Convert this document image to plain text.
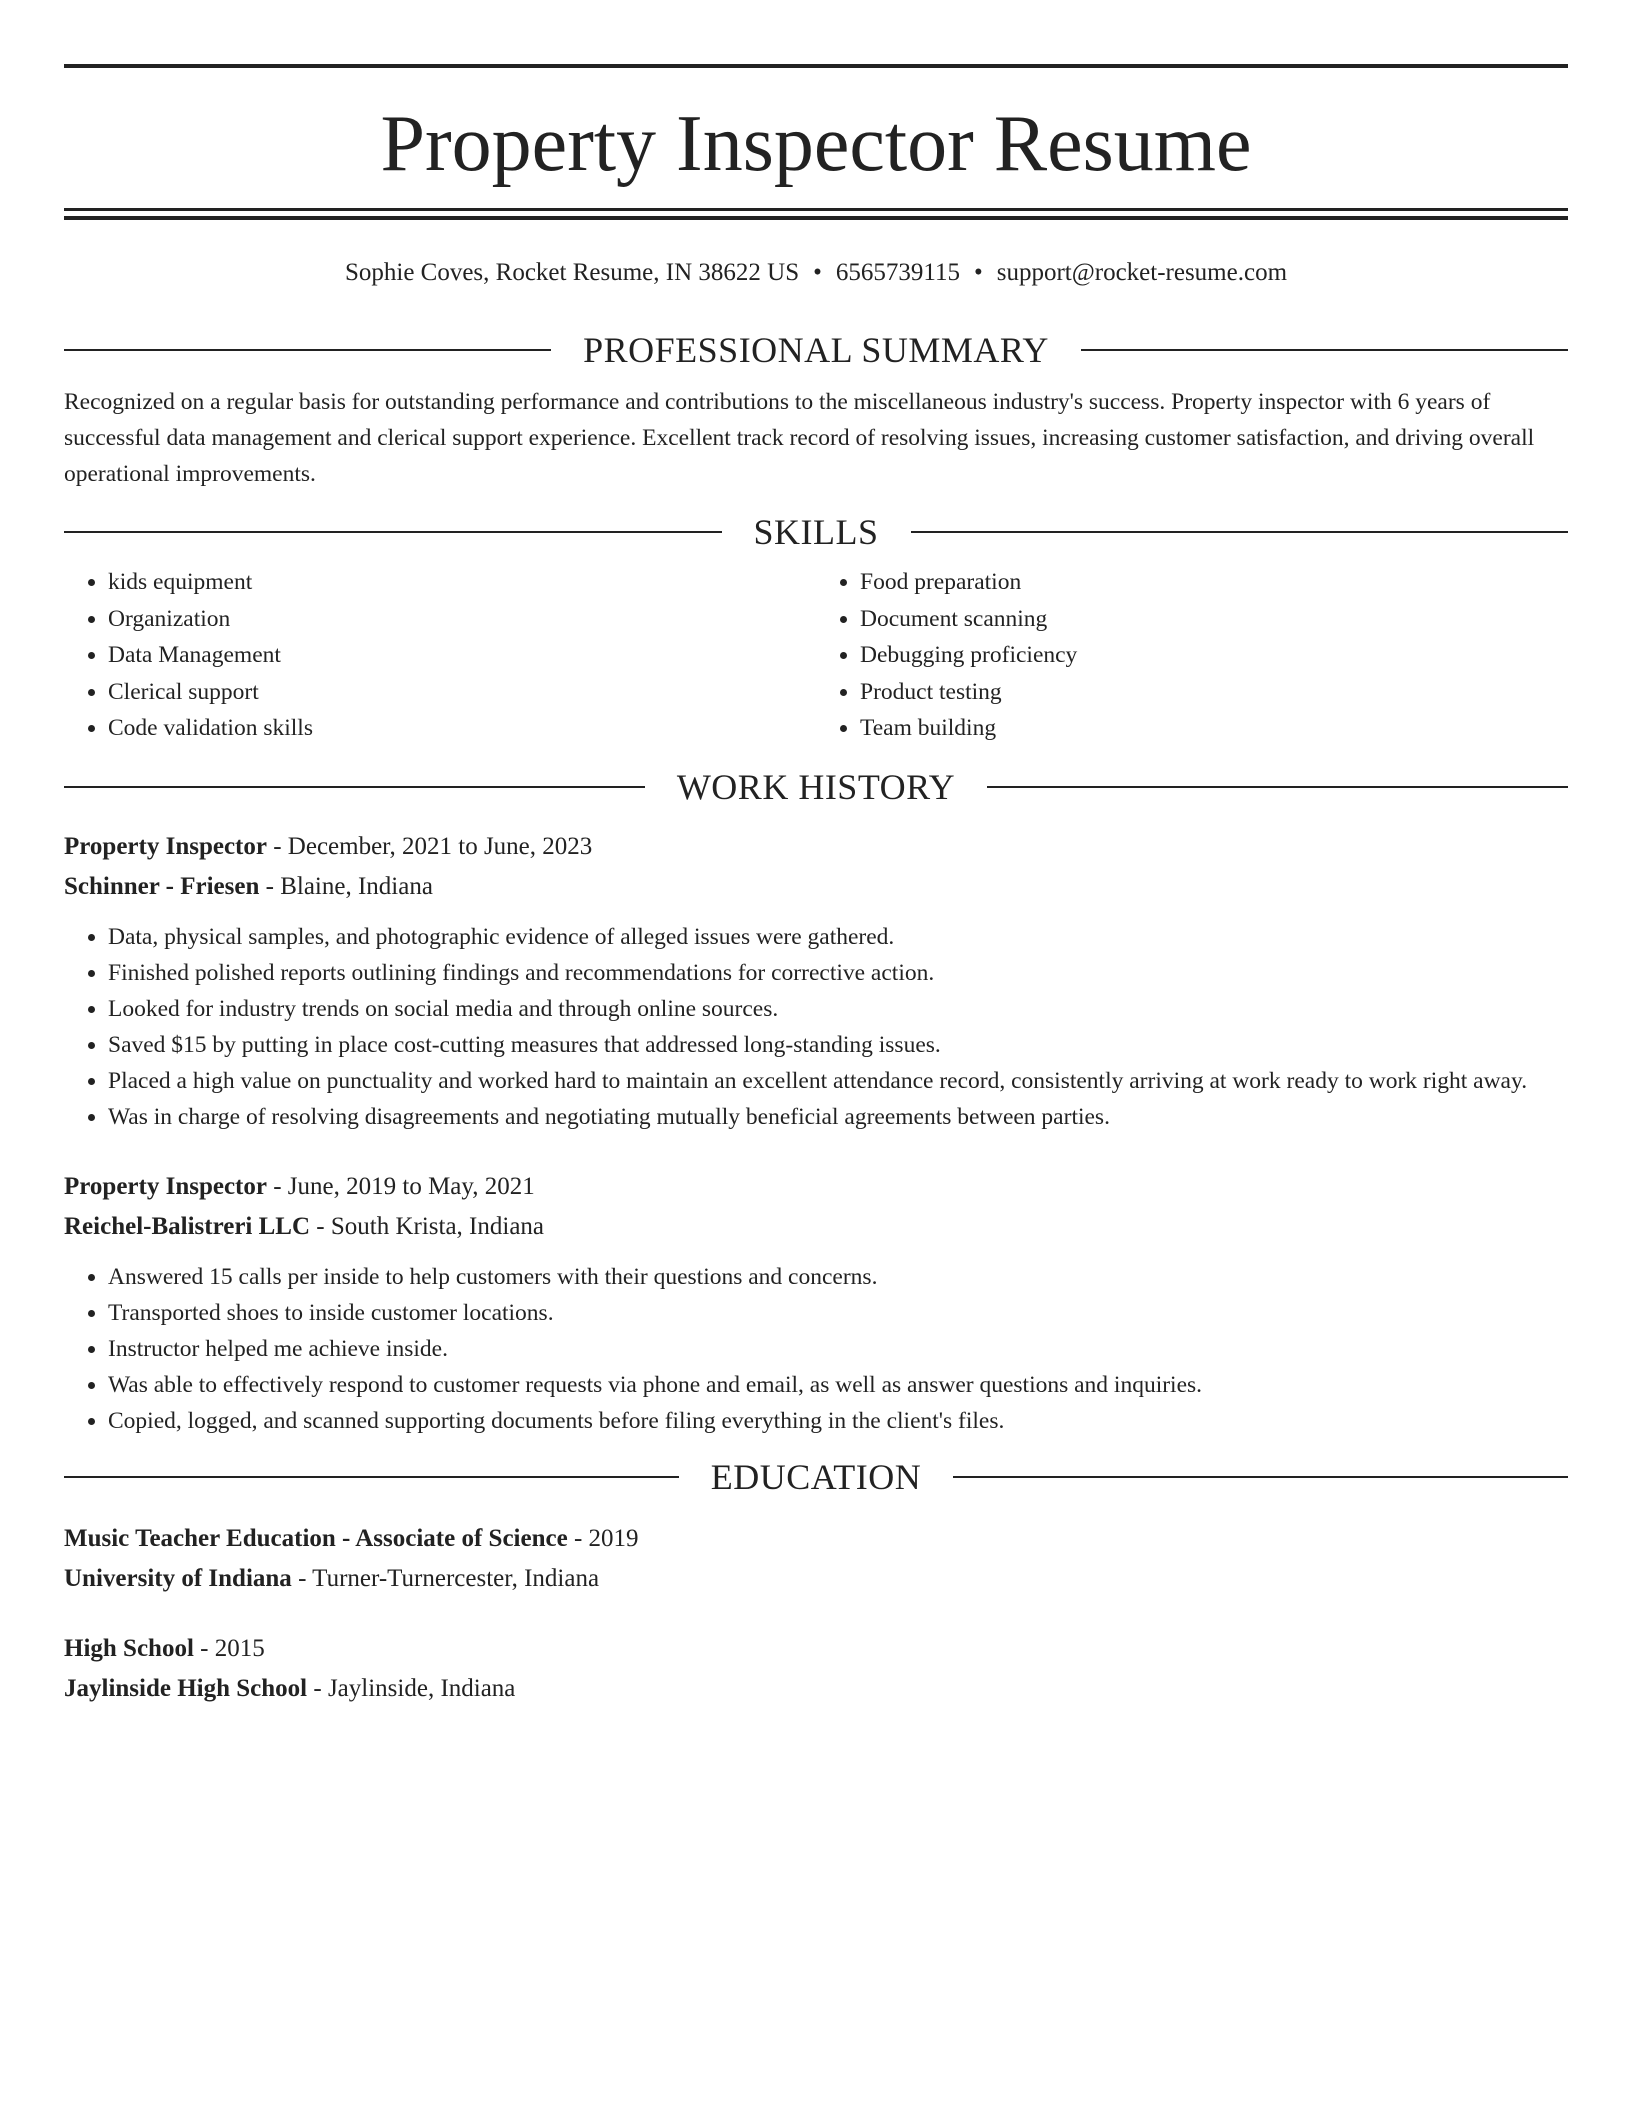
Property Inspector Resume
Sophie Coves, Rocket Resume, IN 38622 US • 6565739115 • support@rocket-resume.com
PROFESSIONAL SUMMARY

Recognized on a regular basis for outstanding performance and contributions to the miscellaneous industry's success. Property inspector with 6 years of successful data management and clerical support experience. Excellent track record of resolving issues, increasing customer satisfaction, and driving overall operational improvements.

SKILLS
• kids equipment
• Organization
• Data Management
• Clerical support
• Code validation skills
• Food preparation
• Document scanning
• Debugging proficiency
• Product testing
• Team building
WORK HISTORY
Property Inspector - December, 2021 to June, 2023
Schinner - Friesen - Blaine, Indiana
• Data, physical samples, and photographic evidence of alleged issues were gathered.
• Finished polished reports outlining findings and recommendations for corrective action.
• Looked for industry trends on social media and through online sources.
• Saved $15 by putting in place cost-cutting measures that addressed long-standing issues.
• Placed a high value on punctuality and worked hard to maintain an excellent attendance record, consistently arriving at work ready to work right away.
• Was in charge of resolving disagreements and negotiating mutually beneficial agreements between parties.
Property Inspector - June, 2019 to May, 2021
Reichel-Balistreri LLC - South Krista, Indiana
• Answered 15 calls per inside to help customers with their questions and concerns.
• Transported shoes to inside customer locations.
• Instructor helped me achieve inside.
• Was able to effectively respond to customer requests via phone and email, as well as answer questions and inquiries.
• Copied, logged, and scanned supporting documents before filing everything in the client's files.
EDUCATION
Music Teacher Education - Associate of Science - 2019
University of Indiana - Turner-Turnercester, Indiana
High School - 2015
Jaylinside High School - Jaylinside, Indiana
